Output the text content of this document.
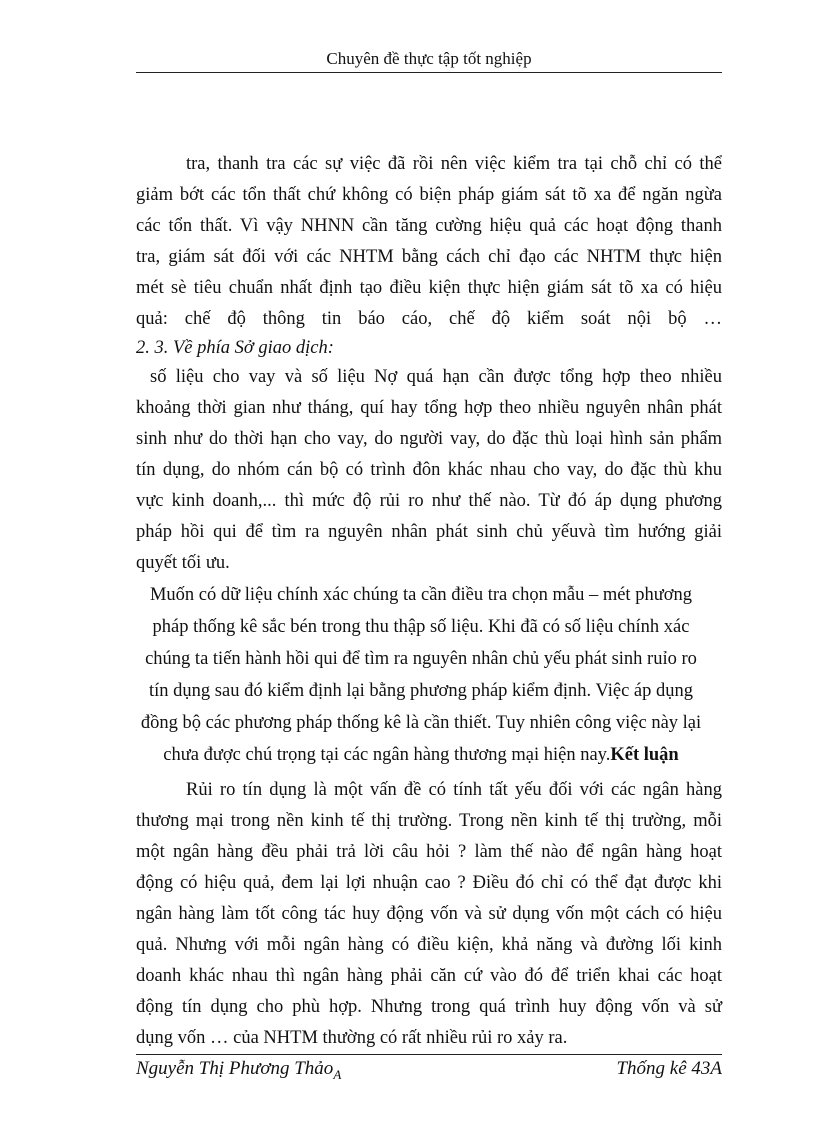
Chuyên đề thực tập tốt nghiệp
tra, thanh tra các sự việc đã rồi nên việc kiểm tra tại chỗ chỉ có thể
giảm bớt các tổn thất chứ không có biện pháp giám sát tõ xa để ngăn ngừa
các tổn thất. Vì vậy NHNN cần tăng cường hiệu quả các hoạt động thanh
tra, giám sát đối với các NHTM bằng cách chỉ đạo các NHTM thực hiện
mét sè tiêu chuẩn nhất định tạo điều kiện thực hiện giám sát tõ xa có hiệu
quả: chế độ thông tin báo cáo, chế độ kiểm soát nội bộ …
2. 3. Về phía Sở giao dịch:
số liệu cho vay và số liệu Nợ quá hạn cần được tổng hợp theo nhiều
khoảng thời gian như tháng, quí hay tổng hợp theo nhiều nguyên nhân phát
sinh như do thời hạn cho vay, do người vay, do đặc thù loại hình sản phẩm
tín dụng, do nhóm cán bộ có trình đôn khác nhau cho vay, do đặc thù khu
vực kinh doanh,... thì mức độ rủi ro như thế nào. Từ đó áp dụng phương
pháp hồi qui để tìm ra nguyên nhân phát sinh chủ yếuvà tìm hướng giải
quyết tối ưu.
Muốn có dữ liệu chính xác chúng ta cần điều tra chọn mẫu – mét phương
pháp thống kê sắc bén trong thu thập số liệu. Khi đã có số liệu chính xác
chúng ta tiến hành hồi qui để tìm ra nguyên nhân chủ yếu phát sinh ruỉo ro
tín dụng sau đó kiểm định lại bằng phương pháp kiểm định. Việc áp dụng
đồng bộ các phương pháp thống kê là cần thiết. Tuy nhiên công việc này lại
chưa được chú trọng tại các ngân hàng thương mại hiện nay.Kết luận
Rủi ro tín dụng là một vấn đề có tính tất yếu đối với các ngân hàng
thương mại trong nền kinh tế thị trường. Trong nền kinh tế thị trường, mỗi
một ngân hàng đều phải trả lời câu hỏi ? làm thế nào để ngân hàng hoạt
động có hiệu quả, đem lại lợi nhuận cao ? Điều đó chỉ có thể đạt được khi
ngân hàng làm tốt công tác huy động vốn và sử dụng vốn một cách có hiệu
quả. Nhưng với mỗi ngân hàng có điều kiện, khả năng và đường lối kinh
doanh khác nhau thì ngân hàng phải căn cứ vào đó để triển khai các hoạt
động tín dụng cho phù hợp. Nhưng trong quá trình huy động vốn và sử
dụng vốn … của NHTM thường có rất nhiều rủi ro xảy ra.
Nguyễn Thị Phương Thảo$_A$	Thống kê 43A
